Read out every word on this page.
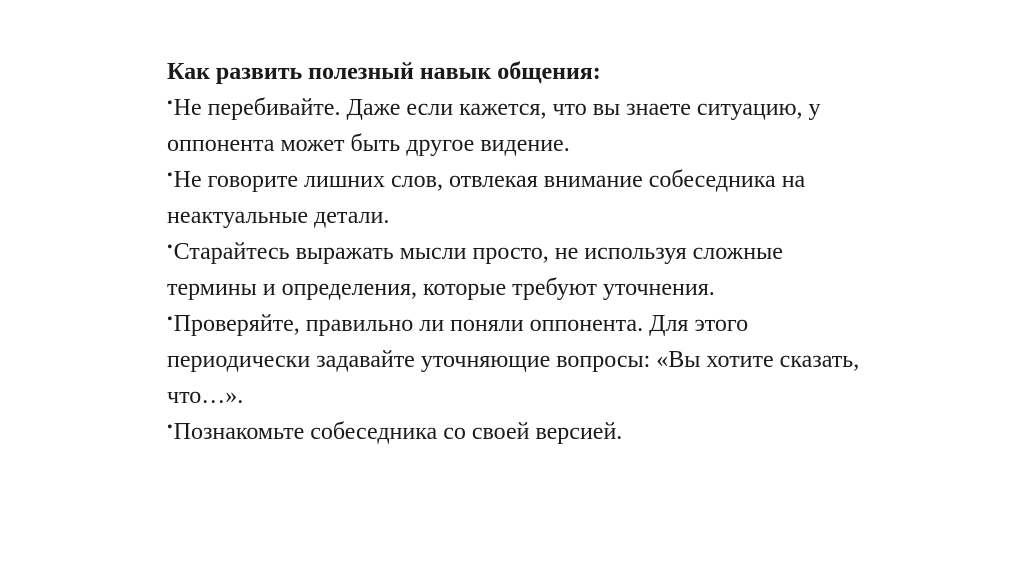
Как развить полезный навык общения:

•Не перебивайте. Даже если кажется, что вы знаете ситуацию, у оппонента может быть другое видение.
•Не говорите лишних слов, отвлекая внимание собеседника на неактуальные детали.
•Старайтесь выражать мысли просто, не используя сложные термины и определения, которые требуют уточнения.
•Проверяйте, правильно ли поняли оппонента. Для этого периодически задавайте уточняющие вопросы: «Вы хотите сказать, что…».
•Познакомьте собеседника со своей версией.
